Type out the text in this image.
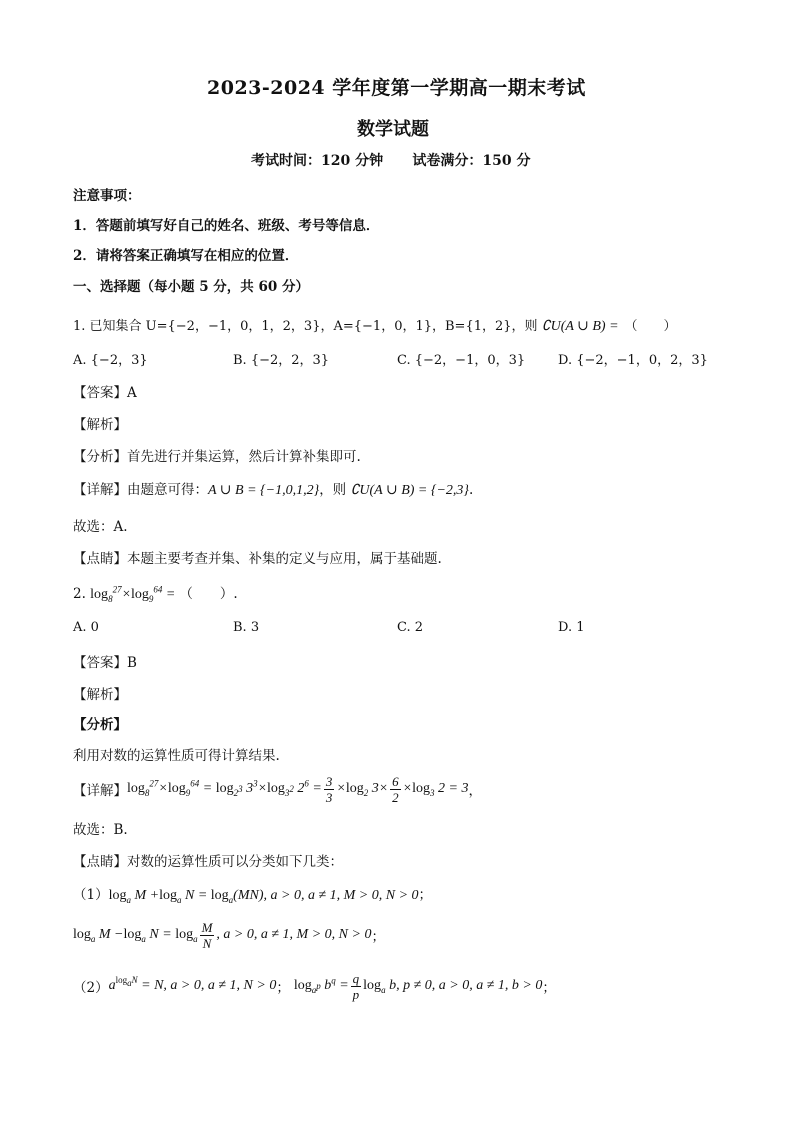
2023-2024 学年度第一学期高一期末考试
数学试题
考试时间：120 分钟      试卷满分：150 分
注意事项：
1．答题前填写好自己的姓名、班级、考号等信息．
2．请将答案正确填写在相应的位置．
一、选择题（每小题 5 分，共 60 分）
1. 已知集合 U={−2，−1，0，1，2，3}，A={−1，0，1}，B={1，2}，则 ∁U(A ∪ B) = （　　）
A. {−2，3}	B. {−2，2，3}	C. {−2，−1，0，3}	D. {−2，−1，0，2，3}
【答案】A
【解析】
【分析】首先进行并集运算，然后计算补集即可.
【详解】由题意可得：A ∪ B = {−1,0,1,2}，则 ∁U(A ∪ B) = {−2,3}.
故选：A.
【点睛】本题主要考查并集、补集的定义与应用，属于基础题.
2. $\log_8^{27}\times\log_9^{64}$ = （　　）.
A. 0	B. 3	C. 2	D. 1
【答案】B
【解析】
【分析】
利用对数的运算性质可得计算结果.
【详解】 $\log_8^{27}\times\log_9^{64} = \log_{2^3} 3^3\times\log_{3^2}$ $2^6 = \frac{3}{3} \times\log_2$ $3\times \frac{6}{2} \times\log_3$ 2 = 3 ，
故选：B.
【点睛】对数的运算性质可以分类如下几类：
$(1)\log_a$ $M +\log_a$ $N = \log_a(MN)$, a > 0, a ≠ 1, M > 0, N > 0；
$\log_a M -\log_a$ $N = \log_a \frac{M}{N}$ , a > 0, a ≠ 1, M > 0, N > 0 ；
（2） $a^{log_aN} = N$, a > 0, a ≠ 1, N > 0 ； $\log_{a^p} b^q = \frac{q}{p} \log_a b$, p ≠ 0, a > 0, a ≠ 1, b > 0 ；
